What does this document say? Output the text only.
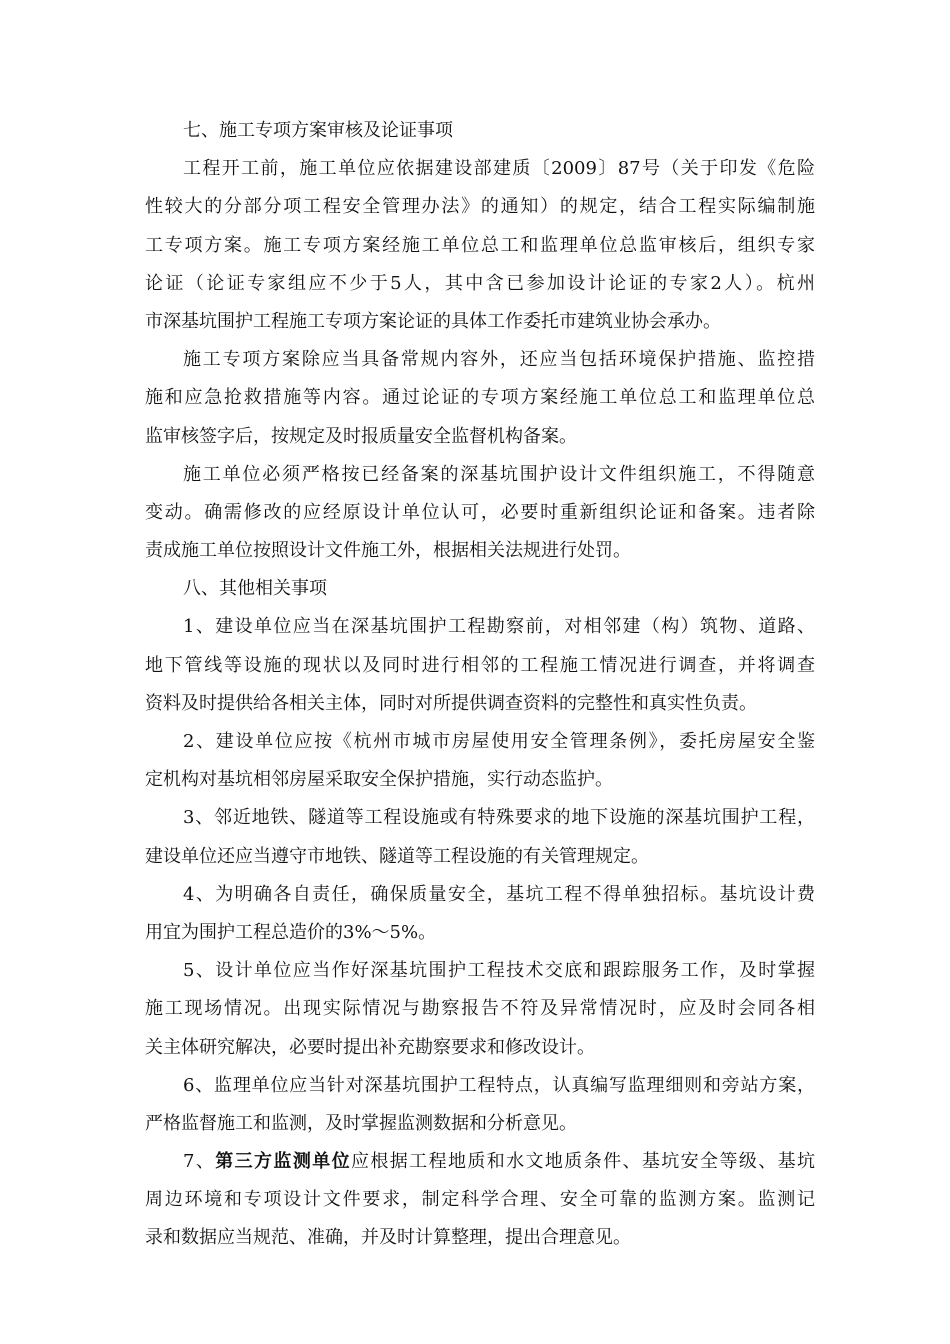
七、施工专项方案审核及论证事项
工程开工前，施工单位应依据建设部建质〔2009〕87号（关于印发《危险
性较大的分部分项工程安全管理办法》的通知）的规定，结合工程实际编制施
工专项方案。施工专项方案经施工单位总工和监理单位总监审核后，组织专家
论证（论证专家组应不少于5人，其中含已参加设计论证的专家2人）。杭州
市深基坑围护工程施工专项方案论证的具体工作委托市建筑业协会承办。
施工专项方案除应当具备常规内容外，还应当包括环境保护措施、监控措
施和应急抢救措施等内容。通过论证的专项方案经施工单位总工和监理单位总
监审核签字后，按规定及时报质量安全监督机构备案。
施工单位必须严格按已经备案的深基坑围护设计文件组织施工，不得随意
变动。确需修改的应经原设计单位认可，必要时重新组织论证和备案。违者除
责成施工单位按照设计文件施工外，根据相关法规进行处罚。
八、其他相关事项
1、建设单位应当在深基坑围护工程勘察前，对相邻建（构）筑物、道路、
地下管线等设施的现状以及同时进行相邻的工程施工情况进行调查，并将调查
资料及时提供给各相关主体，同时对所提供调查资料的完整性和真实性负责。
2、建设单位应按《杭州市城市房屋使用安全管理条例》，委托房屋安全鉴
定机构对基坑相邻房屋采取安全保护措施，实行动态监护。
3、邻近地铁、隧道等工程设施或有特殊要求的地下设施的深基坑围护工程，
建设单位还应当遵守市地铁、隧道等工程设施的有关管理规定。
4、为明确各自责任，确保质量安全，基坑工程不得单独招标。基坑设计费
用宜为围护工程总造价的3%～5%。
5、设计单位应当作好深基坑围护工程技术交底和跟踪服务工作，及时掌握
施工现场情况。出现实际情况与勘察报告不符及异常情况时，应及时会同各相
关主体研究解决，必要时提出补充勘察要求和修改设计。
6、监理单位应当针对深基坑围护工程特点，认真编写监理细则和旁站方案，
严格监督施工和监测，及时掌握监测数据和分析意见。
7、第三方监测单位应根据工程地质和水文地质条件、基坑安全等级、基坑
周边环境和专项设计文件要求，制定科学合理、安全可靠的监测方案。监测记
录和数据应当规范、准确，并及时计算整理，提出合理意见。
